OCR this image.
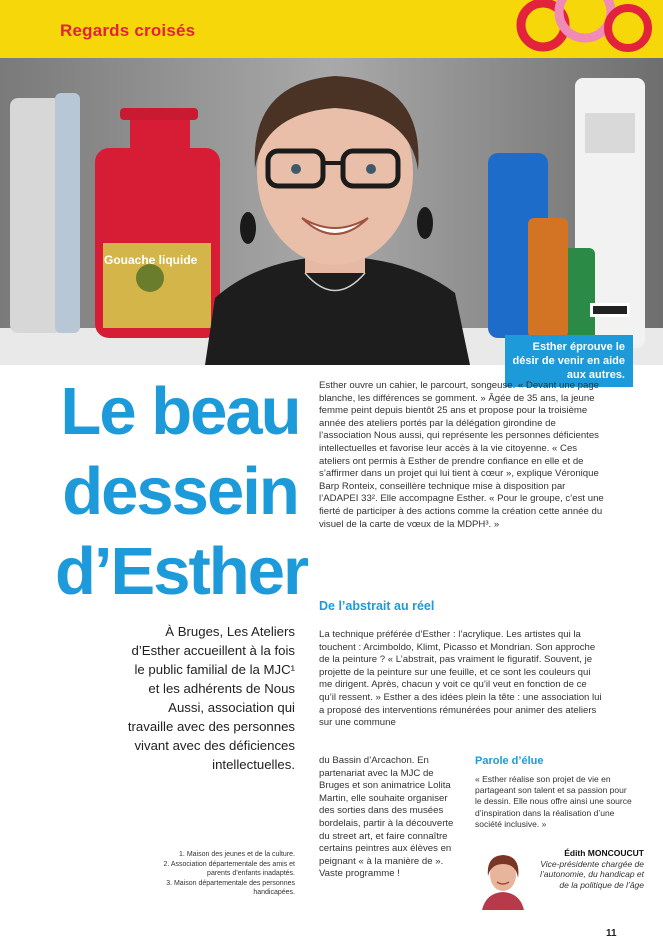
Regards croisés
Gouache liquide
Esther éprouve le désir de venir en aide aux autres.
Le beau dessein d’Esther

À Bruges, Les Ateliers d’Esther accueillent à la fois le public familial de la MJC¹ et les adhérents de Nous Aussi, association qui travaille avec des personnes vivant avec des déficiences intellectuelles.

1. Maison des jeunes et de la culture.
2. Association départementale des amis et parents d’enfants inadaptés.
3. Maison départementale des personnes handicapées.

Esther ouvre un cahier, le parcourt, songeuse. « Devant une page blanche, les différences se gomment. » Âgée de 35 ans, la jeune femme peint depuis bientôt 25 ans et propose pour la troisième année des ateliers portés par la délégation girondine de l’association Nous aussi, qui représente les personnes déficientes intellectuelles et favorise leur accès à la vie citoyenne. « Ces ateliers ont permis à Esther de prendre confiance en elle et de s’affirmer dans un projet qui lui tient à cœur », explique Véronique Barp Ronteix, conseillère technique mise à disposition par l’ADAPEI 33². Elle accompagne Esther. « Pour le groupe, c’est une fierté de participer à des actions comme la création cette année du visuel de la carte de vœux de la MDPH³. »

De l’abstrait au réel

La technique préférée d’Esther : l’acrylique. Les artistes qui la touchent : Arcimboldo, Klimt, Picasso et Mondrian. Son approche de la peinture ? « L’abstrait, pas vraiment le figuratif. Souvent, je projette de la peinture sur une feuille, et ce sont les couleurs qui me dirigent. Après, chacun y voit ce qu’il veut en fonction de ce qu’il ressent. » Esther a des idées plein la tête : une association lui a proposé des interventions rémunérées pour animer des ateliers sur une commune

du Bassin d’Arcachon. En partenariat avec la MJC de Bruges et son animatrice Lolita Martin, elle souhaite organiser des sorties dans des musées bordelais, partir à la découverte du street art, et faire connaître certains peintres aux élèves en peignant « à la manière de ». Vaste programme !

Parole d’élue

« Esther réalise son projet de vie en partageant son talent et sa passion pour le dessin. Elle nous offre ainsi une source d’inspiration dans la réalisation d’une société inclusive. »

Édith MONCOUCUT
Vice-présidente chargée de l’autonomie, du handicap et de la politique de l’âge
11
